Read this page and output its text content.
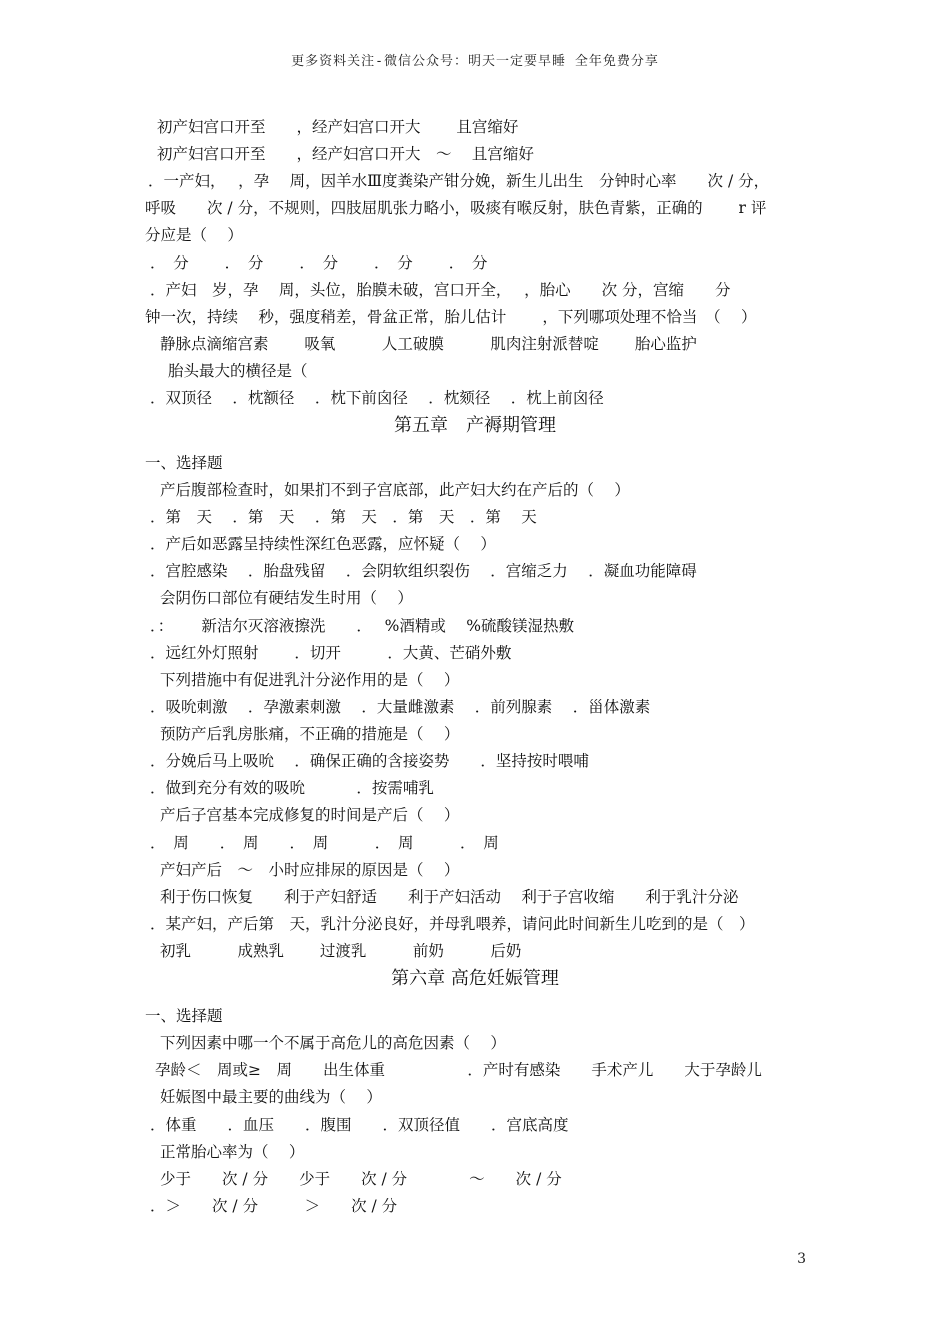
更多资料关注-微信公众号：明天一定要早睡 全年免费分享
初产妇宫口开至　　，经产妇宫口开大　　 且宫缩好
初产妇宫口开至　　，经产妇宫口开大　～　 且宫缩好
．一产妇，　 ，孕　 周，因羊水Ⅲ度粪染产钳分娩，新生儿出生　分钟时心率　　次 / 分，
呼吸　　次 / 分，不规则，四肢屈肌张力略小，吸痰有喉反射，肤色青紫，正确的　　 r 评
分应是（　 ）
．　分　　 ．　分　　 ．　分　　 ．　分　　 ．　分
．产妇　岁，孕　 周，头位，胎膜未破，宫口开全，　 ，胎心　　次 分，宫缩　　分
钟一次，持续　 秒，强度稍差，骨盆正常，胎儿估计　　 ，下列哪项处理不恰当　（　 ）
静脉点滴缩宫素　　 吸氧　　　人工破膜　　　肌肉注射派替啶　　 胎心监护
胎头最大的横径是（
．双顶径　 ．枕额径　 ．枕下前囟径　 ．枕颏径　 ．枕上前囟径
第五章　产褥期管理
一、选择题
产后腹部检查时，如果扪不到子宫底部，此产妇大约在产后的（　 ）
．第　天　 ．第　天　 ．第　天　．第　天　．第　 天
．产后如恶露呈持续性深红色恶露，应怀疑（　 ）
．宫腔感染　 ．胎盘残留　 ．会阴软组织裂伤　 ．宫缩乏力　 ．凝血功能障碍
会阴伤口部位有硬结发生时用（　 ）
．：　　 新洁尔灭溶液擦洗　　．　 %酒精或　 %硫酸镁湿热敷
．远红外灯照射　　 ．切开　　　．大黄、芒硝外敷
下列措施中有促进乳汁分泌作用的是（　 ）
．吸吮刺激　 ．孕激素刺激　 ．大量雌激素　 ．前列腺素　 ．甾体激素
预防产后乳房胀痛，不正确的措施是（　 ）
．分娩后马上吸吮　 ．确保正确的含接姿势　　．坚持按时喂哺
．做到充分有效的吸吮　　　 ．按需哺乳
产后子宫基本完成修复的时间是产后（　 ）
．　周　　．　周　　．　周　　　．　周　　　．　周
产妇产后　～　小时应排尿的原因是（　 ）
利于伤口恢复　　利于产妇舒适　　利于产妇活动　 利于子宫收缩　　利于乳汁分泌
．某产妇，产后第　天，乳汁分泌良好，并母乳喂养，请问此时间新生儿吃到的是（　）
初乳　　　成熟乳　　 过渡乳　　　前奶　　　后奶
第六章 高危妊娠管理
一、选择题
下列因素中哪一个不属于高危儿的高危因素（　 ）
孕龄＜　周或≥　周　　出生体重　　　　　 ．产时有感染　　手术产儿　　大于孕龄儿
妊娠图中最主要的曲线为（　 ）
．体重　　．血压　　．腹围　　．双顶径值　　．宫底高度
正常胎心率为（　 ）
少于　　次 / 分　　少于　　次 / 分　　　　～　　次 / 分
．＞　　次 / 分　　　＞　　次 / 分
3
